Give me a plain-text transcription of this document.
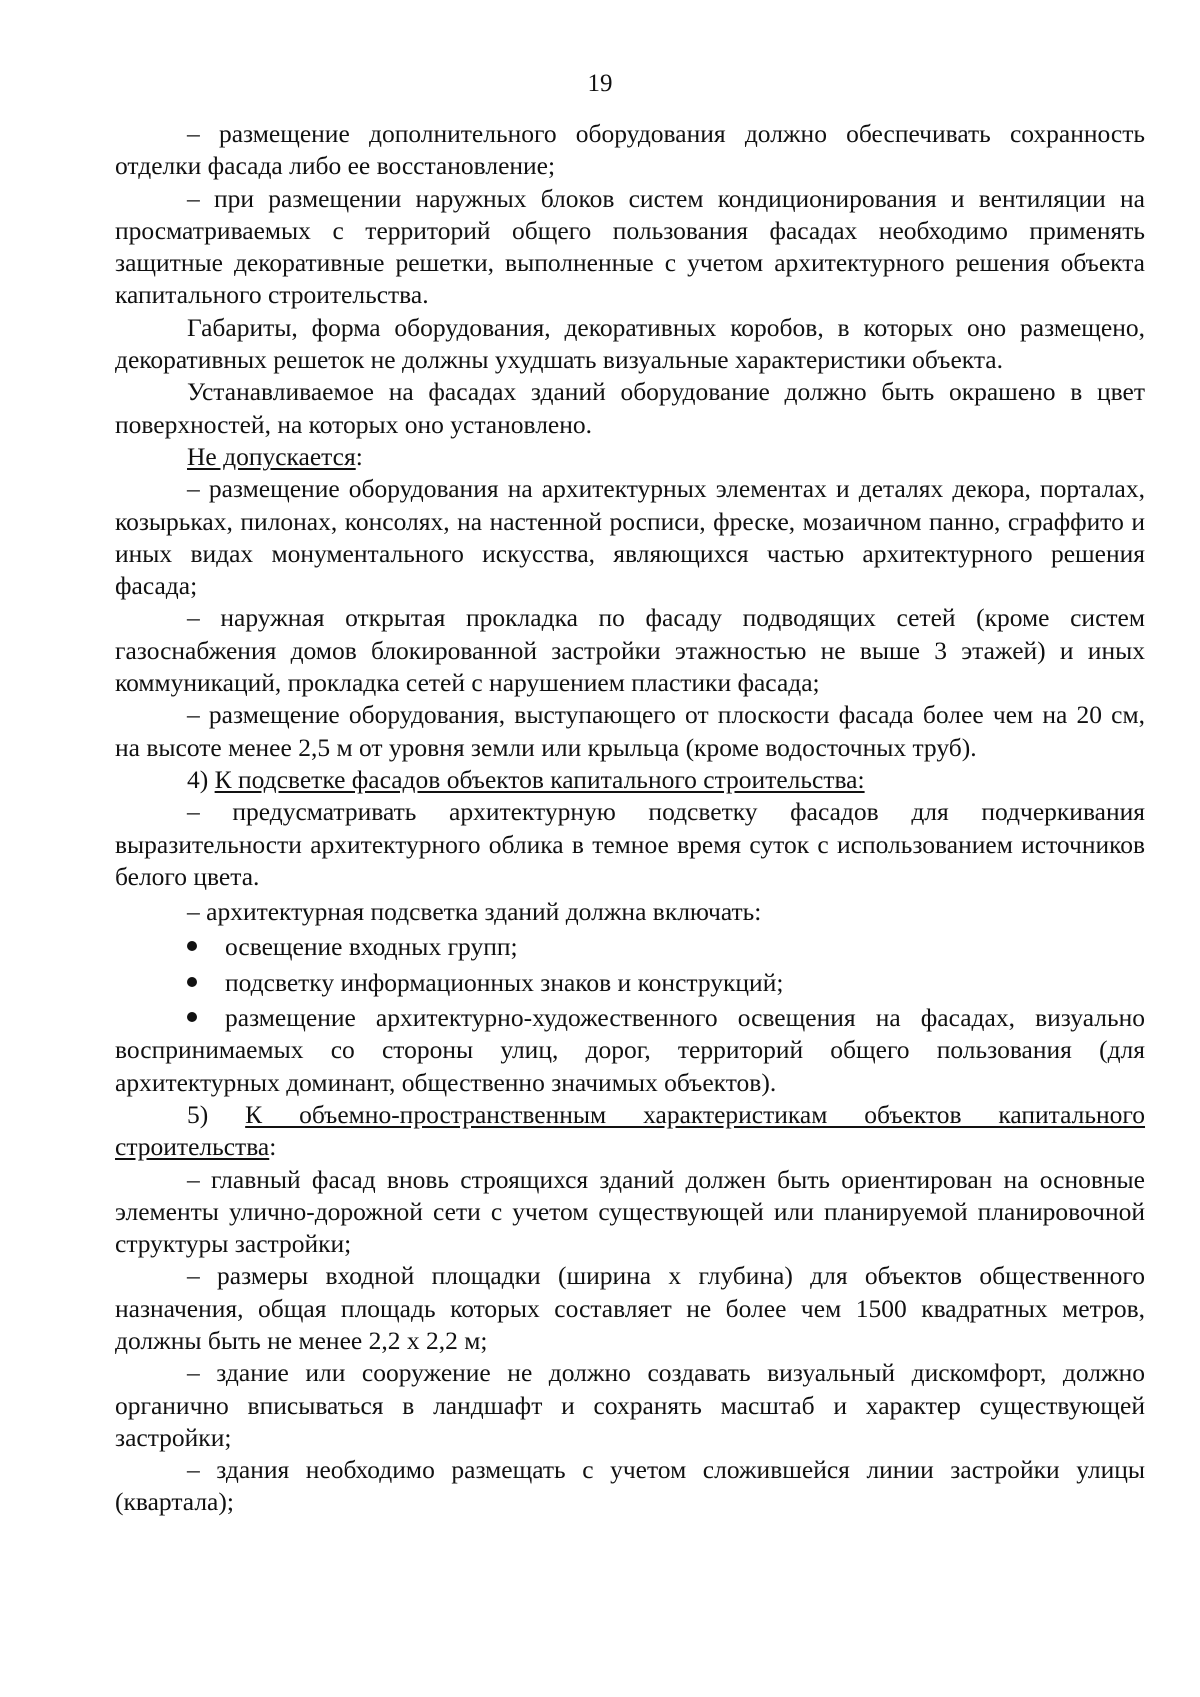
19

– размещение дополнительного оборудования должно обеспечивать сохранность отделки фасада либо ее восстановление;

– при размещении наружных блоков систем кондиционирования и вентиляции на просматриваемых с территорий общего пользования фасадах необходимо применять защитные декоративные решетки, выполненные с учетом архитектурного решения объекта капитального строительства.

Габариты, форма оборудования, декоративных коробов, в которых оно размещено, декоративных решеток не должны ухудшать визуальные характеристики объекта.

Устанавливаемое на фасадах зданий оборудование должно быть окрашено в цвет поверхностей, на которых оно установлено.

Не допускается:

– размещение оборудования на архитектурных элементах и деталях декора, порталах, козырьках, пилонах, консолях, на настенной росписи, фреске, мозаичном панно, сграффито и иных видах монументального искусства, являющихся частью архитектурного решения фасада;

– наружная открытая прокладка по фасаду подводящих сетей (кроме систем газоснабжения домов блокированной застройки этажностью не выше 3 этажей) и иных коммуникаций, прокладка сетей с нарушением пластики фасада;

– размещение оборудования, выступающего от плоскости фасада более чем на 20 см, на высоте менее 2,5 м от уровня земли или крыльца (кроме водосточных труб).

4) К подсветке фасадов объектов капитального строительства:

– предусматривать архитектурную подсветку фасадов для подчеркивания выразительности архитектурного облика в темное время суток с использованием источников белого цвета.

– архитектурная подсветка зданий должна включать:

освещение входных групп;

подсветку информационных знаков и конструкций;

размещение архитектурно-художественного освещения на фасадах, визуально воспринимаемых со стороны улиц, дорог, территорий общего пользования (для архитектурных доминант, общественно значимых объектов).

5) К объемно-пространственным характеристикам объектов капитального строительства:

– главный фасад вновь строящихся зданий должен быть ориентирован на основные элементы улично-дорожной сети с учетом существующей или планируемой планировочной структуры застройки;

– размеры входной площадки (ширина х глубина) для объектов общественного назначения, общая площадь которых составляет не более чем 1500 квадратных метров, должны быть не менее 2,2 х 2,2 м;

– здание или сооружение не должно создавать визуальный дискомфорт, должно органично вписываться в ландшафт и сохранять масштаб и характер существующей застройки;

– здания необходимо размещать с учетом сложившейся линии застройки улицы (квартала);
